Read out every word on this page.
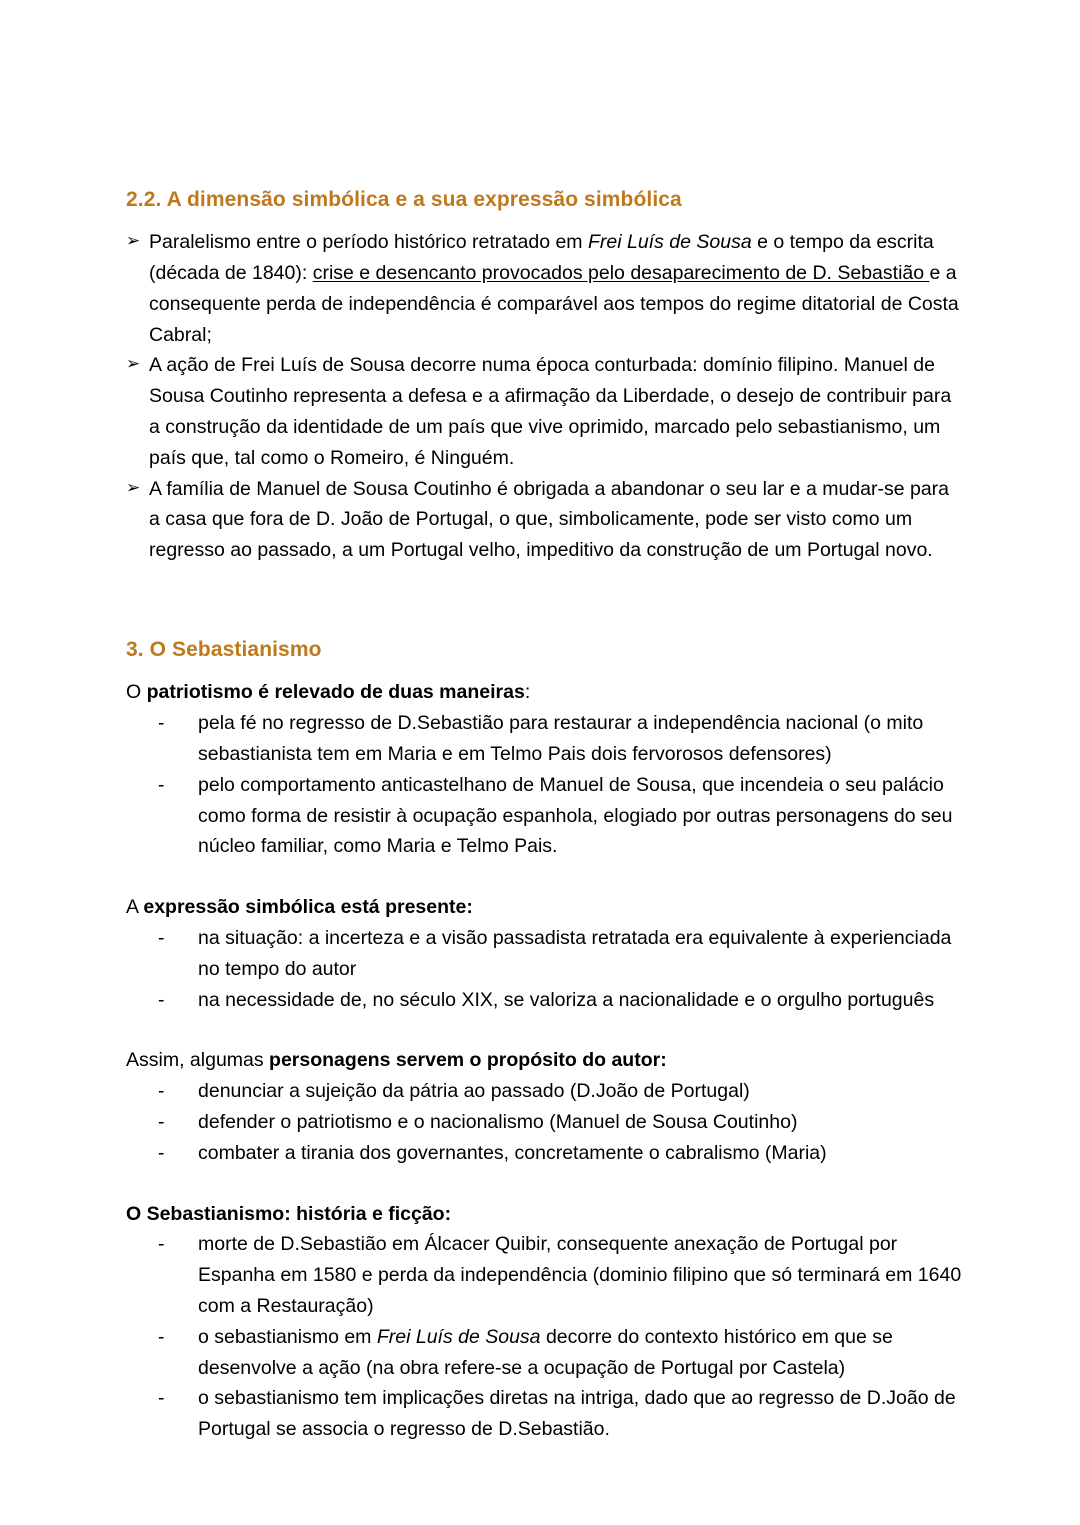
2.2. A dimensão simbólica e a sua expressão simbólica
➢ Paralelismo entre o período histórico retratado em Frei Luís de Sousa e o tempo da escrita (década de 1840): crise e desencanto provocados pelo desaparecimento de D. Sebastião e a consequente perda de independência é comparável aos tempos do regime ditatorial de Costa Cabral;
➢ A ação de Frei Luís de Sousa decorre numa época conturbada: domínio filipino. Manuel de Sousa Coutinho representa a defesa e a afirmação da Liberdade, o desejo de contribuir para a construção da identidade de um país que vive oprimido, marcado pelo sebastianismo, um país que, tal como o Romeiro, é Ninguém.
➢ A família de Manuel de Sousa Coutinho é obrigada a abandonar o seu lar e a mudar-se para a casa que fora de D. João de Portugal, o que, simbolicamente, pode ser visto como um regresso ao passado, a um Portugal velho, impeditivo da construção de um Portugal novo.
3. O Sebastianismo

O patriotismo é relevado de duas maneiras:

- pela fé no regresso de D.Sebastião para restaurar a independência nacional (o mito sebastianista tem em Maria e em Telmo Pais dois fervorosos defensores)
- pelo comportamento anticastelhano de Manuel de Sousa, que incendeia o seu palácio como forma de resistir à ocupação espanhola, elogiado por outras personagens do seu núcleo familiar, como Maria e Telmo Pais.

A expressão simbólica está presente:

- na situação: a incerteza e a visão passadista retratada era equivalente à experienciada no tempo do autor
- na necessidade de, no século XIX, se valoriza a nacionalidade e o orgulho português

Assim, algumas personagens servem o propósito do autor:

- denunciar a sujeição da pátria ao passado (D.João de Portugal)
- defender o patriotismo e o nacionalismo (Manuel de Sousa Coutinho)
- combater a tirania dos governantes, concretamente o cabralismo (Maria)

O Sebastianismo: história e ficção:

- morte de D.Sebastião em Álcacer Quibir, consequente anexação de Portugal por Espanha em 1580 e perda da independência (dominio filipino que só terminará em 1640 com a Restauração)
- o sebastianismo em Frei Luís de Sousa decorre do contexto histórico em que se desenvolve a ação (na obra refere-se a ocupação de Portugal por Castela)
- o sebastianismo tem implicações diretas na intriga, dado que ao regresso de D.João de Portugal se associa o regresso de D.Sebastião.
